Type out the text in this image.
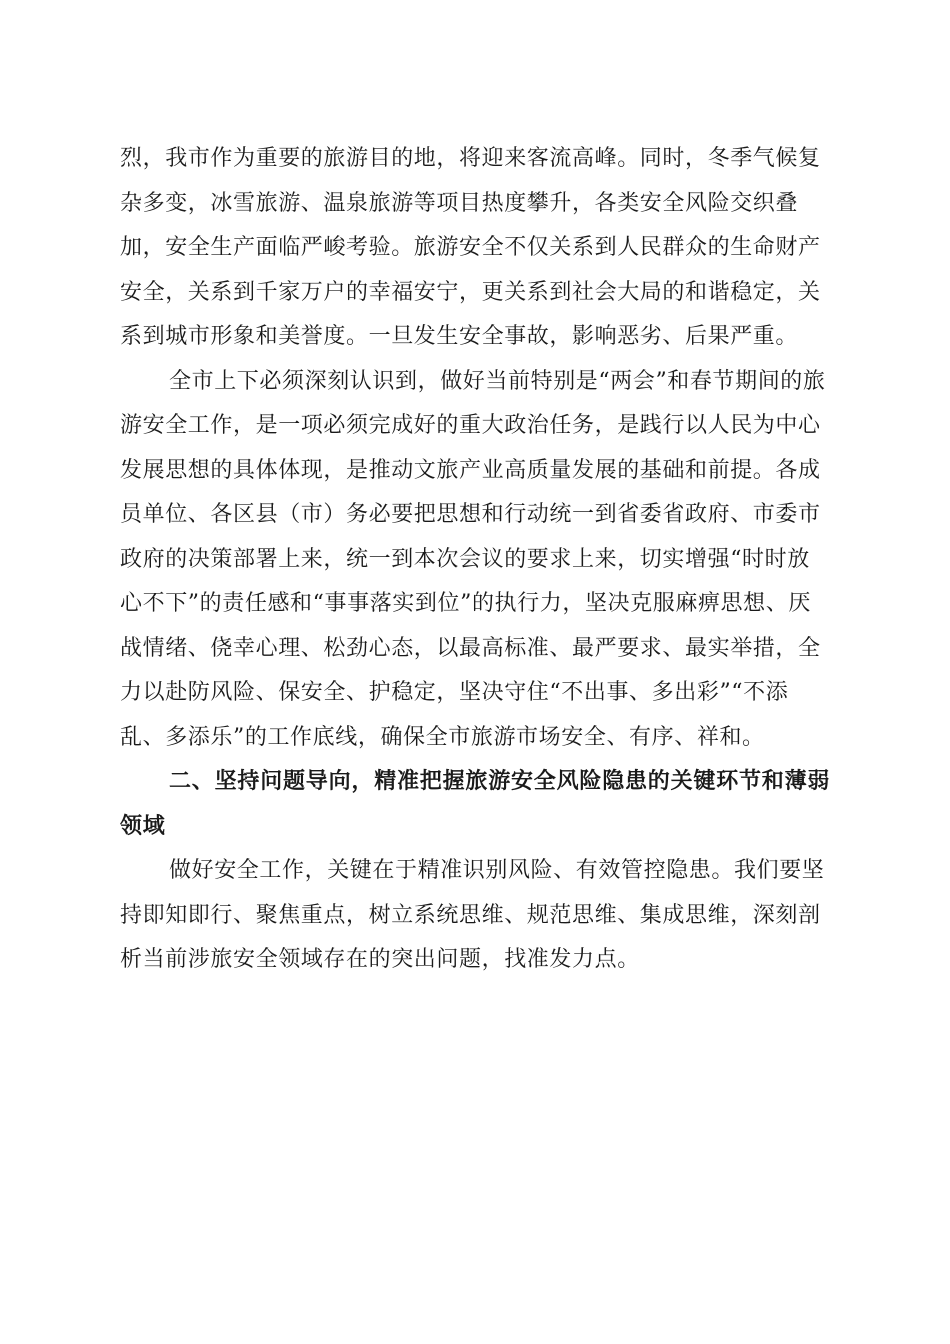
烈，我市作为重要的旅游目的地，将迎来客流高峰。同时，冬季气候复杂多变，冰雪旅游、温泉旅游等项目热度攀升，各类安全风险交织叠加，安全生产面临严峻考验。旅游安全不仅关系到人民群众的生命财产安全，关系到千家万户的幸福安宁，更关系到社会大局的和谐稳定，关系到城市形象和美誉度。一旦发生安全事故，影响恶劣、后果严重。

全市上下必须深刻认识到，做好当前特别是“两会”和春节期间的旅游安全工作，是一项必须完成好的重大政治任务，是践行以人民为中心发展思想的具体体现，是推动文旅产业高质量发展的基础和前提。各成员单位、各区县（市）务必要把思想和行动统一到省委省政府、市委市政府的决策部署上来，统一到本次会议的要求上来，切实增强“时时放心不下”的责任感和“事事落实到位”的执行力，坚决克服麻痹思想、厌战情绪、侥幸心理、松劲心态，以最高标准、最严要求、最实举措，全力以赴防风险、保安全、护稳定，坚决守住“不出事、多出彩”“不添乱、多添乐”的工作底线，确保全市旅游市场安全、有序、祥和。

二、坚持问题导向，精准把握旅游安全风险隐患的关键环节和薄弱领域

做好安全工作，关键在于精准识别风险、有效管控隐患。我们要坚持即知即行、聚焦重点，树立系统思维、规范思维、集成思维，深刻剖析当前涉旅安全领域存在的突出问题，找准发力点。
